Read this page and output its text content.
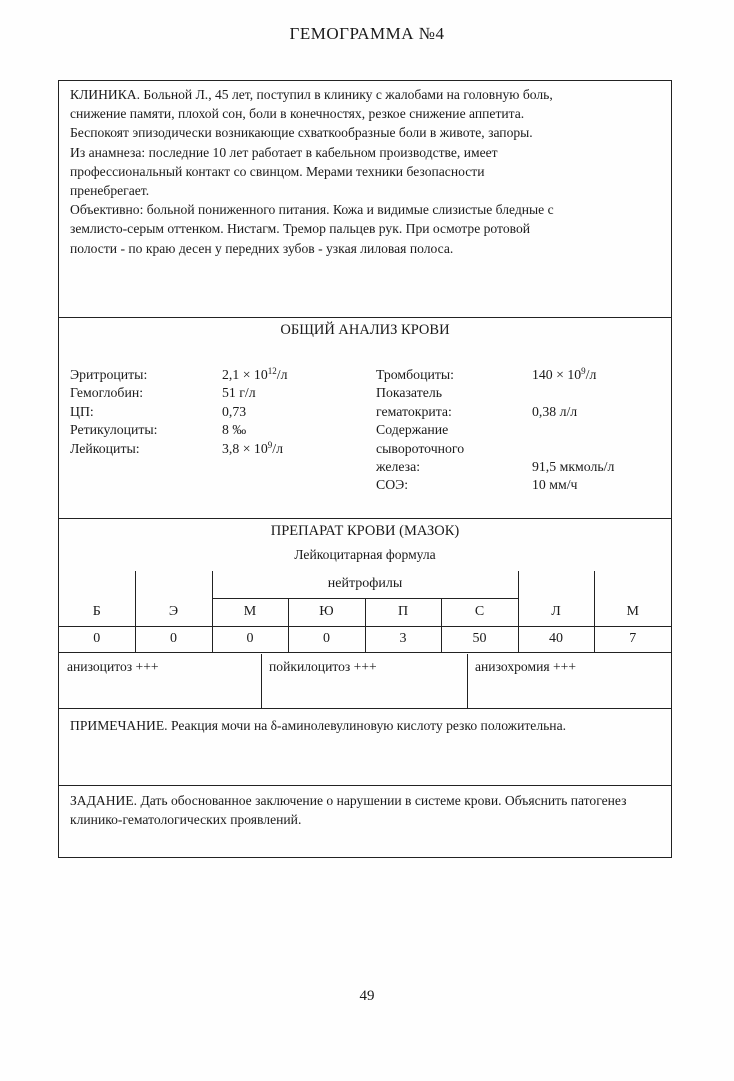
ГЕМОГРАММА №4

КЛИНИКА. Больной Л., 45 лет, поступил в клинику с жалобами на головную боль,

снижение памяти, плохой сон, боли в конечностях, резкое снижение аппетита.

Беспокоят эпизодически возникающие схваткообразные боли в животе, запоры.

Из анамнеза: последние 10 лет работает в кабельном производстве, имеет

профессиональный контакт со свинцом. Мерами техники безопасности

пренебрегает.

Объективно: больной пониженного питания. Кожа и видимые слизистые бледные с

землисто-серым оттенком. Нистагм. Тремор пальцев рук. При осмотре ротовой

полости - по краю десен у передних зубов - узкая лиловая полоса.

ОБЩИЙ АНАЛИЗ КРОВИ
Эритроциты:	$2,1 \times 10^{12}/л$
Гемоглобин:	51 г/л
ЦП:	0,73
Ретикулоциты:	8 ‰
Лейкоциты:	$3,8 \times 10^9/л$
Тромбоциты:	$140 \times 10^9/л$
Показатель
гематокрита:	0,38 л/л
Содержание
сывороточного
железа:	91,5 мкмоль/л
СОЭ:	10 мм/ч
ПРЕПАРАТ КРОВИ (МАЗОК)
Лейкоцитарная формула
		нейтрофилы					
Б	Э	М	Ю	П	С	Л	М
0	0	0	0	3	50	40	7
анизоцитоз +++	пойкилоцитоз +++	анизохромия +++
ПРИМЕЧАНИЕ. Реакция мочи на δ-аминолевулиновую кислоту резко положительна.
ЗАДАНИЕ. Дать обоснованное заключение о нарушении в системе крови. Объяснить патогенез клинико-гематологических проявлений.
49
